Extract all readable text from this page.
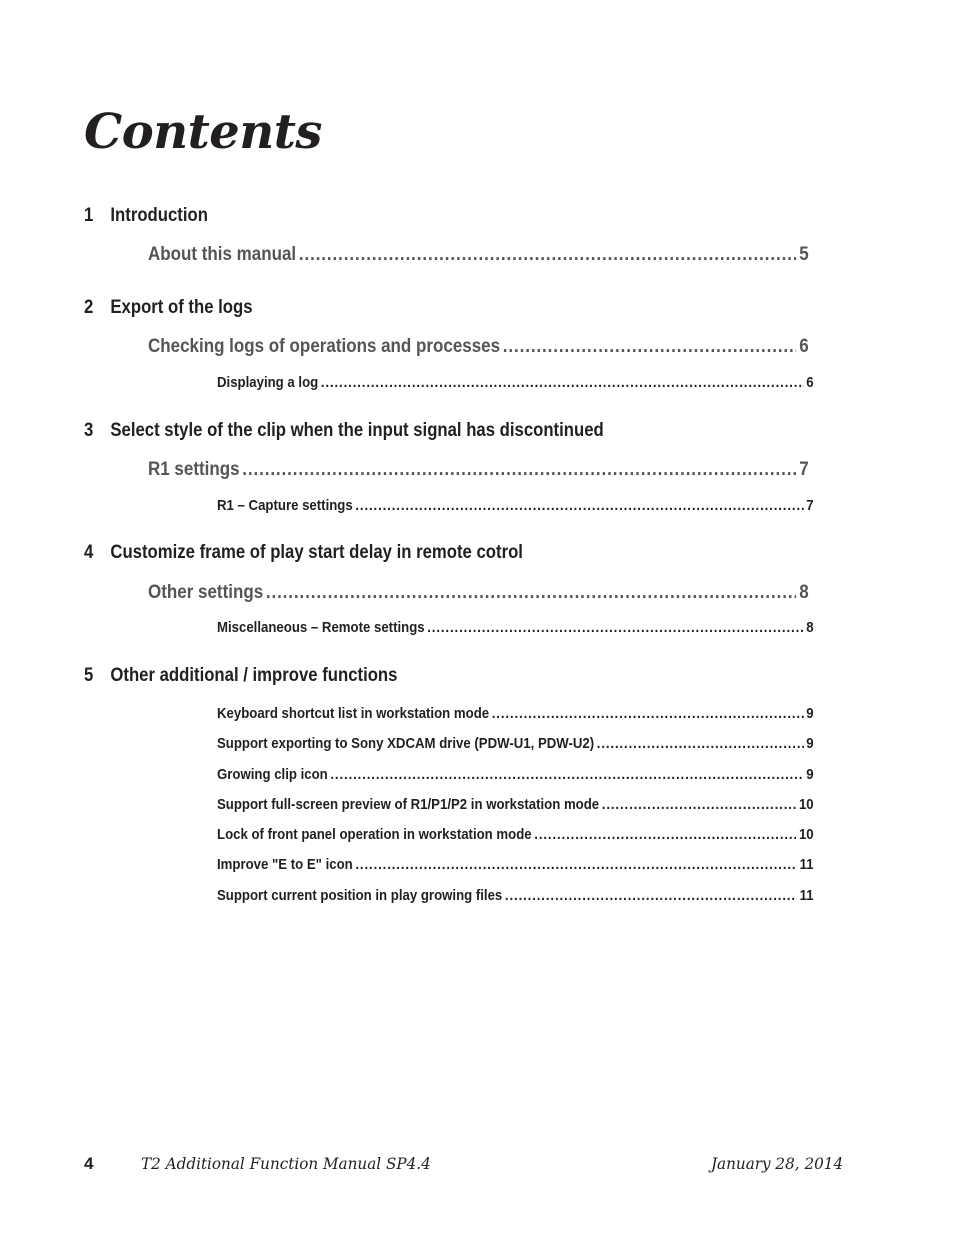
Contents
1 Introduction
About this manual .....	5
2 Export of the logs
Checking logs of operations and processes .....	6
Displaying a log .....	6
3 Select style of the clip when the input signal has discontinued
R1 settings .....	7
R1 – Capture settings .....	7
4 Customize frame of play start delay in remote cotrol
Other settings .....	8
Miscellaneous – Remote settings .....	8
5 Other additional / improve functions
Keyboard shortcut list in workstation mode .....	9
Support exporting to Sony XDCAM drive (PDW-U1, PDW-U2) .....	9
Growing clip icon .....	9
Support full-screen preview of R1/P1/P2 in workstation mode .....	10
Lock of front panel operation in workstation mode .....	10
Improve "E to E" icon .....	11
Support current position in play growing files .....	11
4	T2 Additional Function Manual SP4.4	January 28, 2014
